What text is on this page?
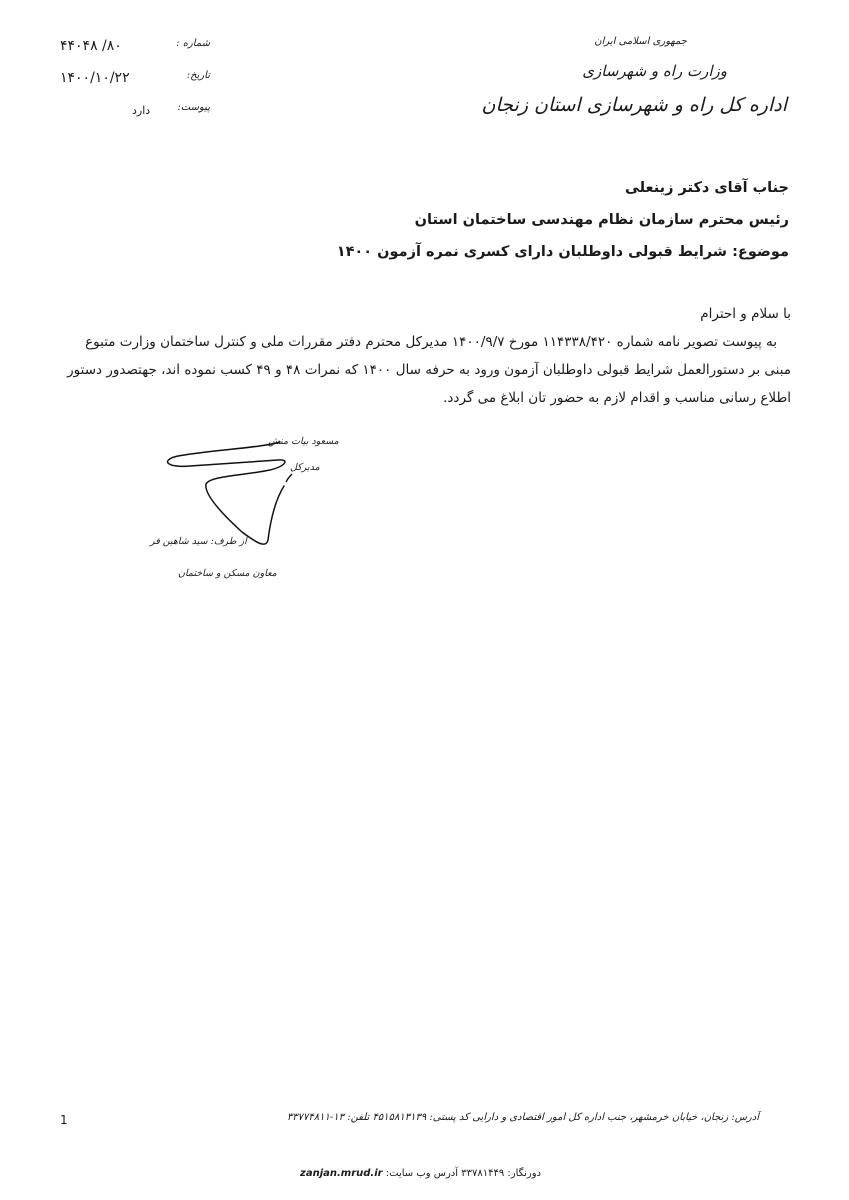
جمهوری اسلامی ایران
وزارت راه و شهرسازی
اداره کل راه و شهرسازی استان زنجان
شماره :
۸۰/ ۴۴۰۴۸
تاریخ:
۱۴۰۰/۱۰/۲۲
پیوست:
دارد
جناب آقای دکتر زینعلی
رئیس محترم سازمان نظام مهندسی ساختمان استان
موضوع: شرایط قبولی داوطلبان دارای کسری نمره آزمون ۱۴۰۰

با سلام و احترام

به پیوست تصویر نامه شماره ۱۱۴۳۳۸/۴۲۰ مورخ ۱۴۰۰/۹/۷ مدیرکل محترم دفتر مقررات ملی و کنترل ساختمان وزارت متبوع مبنی بر دستورالعمل شرایط قبولی داوطلبان آزمون ورود به حرفه سال ۱۴۰۰ که نمرات ۴۸ و ۴۹ کسب نموده اند، جهتصدور دستور اطلاع رسانی مناسب و اقدام لازم به حضور تان ابلاغ می گردد.

مسعود بیات منش
مدیرکل
از طرف: سید شاهین فر
معاون مسکن و ساختمان
1	آدرس: زنجان، خیابان خرمشهر، جنب اداره کل امور اقتصادی و دارایی کد پستی: ۴۵۱۵۸۱۳۱۳۹ تلفن: ۱۳-۳۳۷۷۴۸۱۱
دورنگار: ۳۳۷۸۱۴۴۹ آدرس وب سایت: zanjan.mrud.ir
